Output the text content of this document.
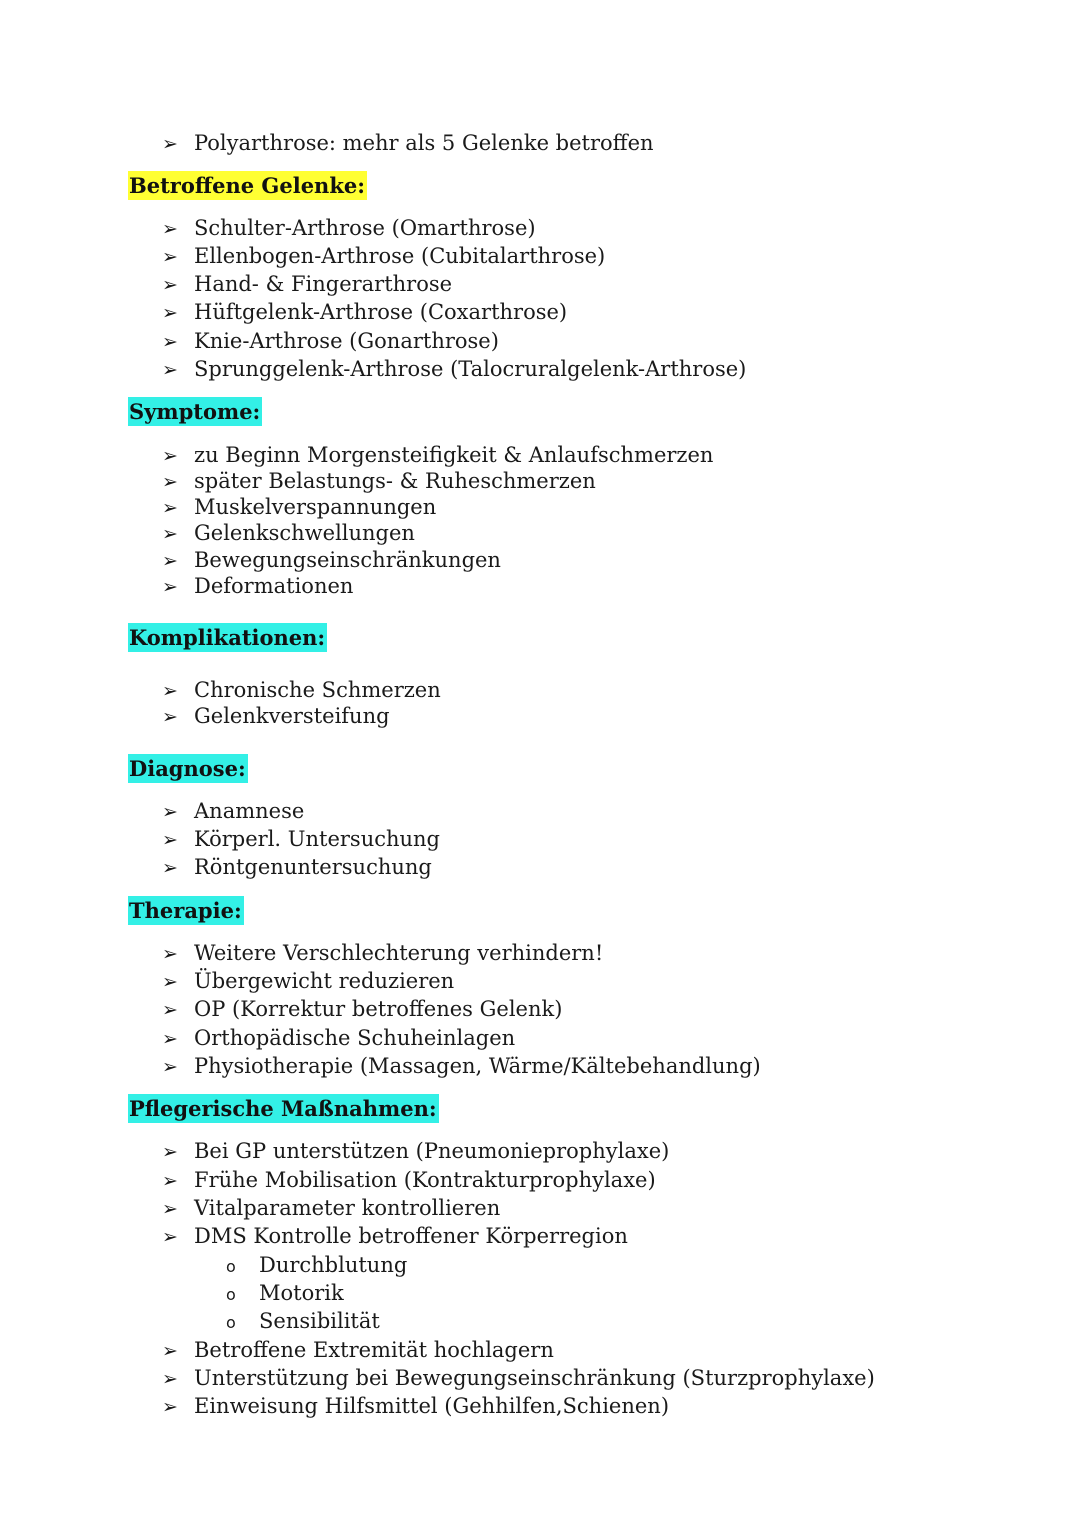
➢ Polyarthrose: mehr als 5 Gelenke betroffen
Betroffene Gelenke:
➢ Schulter-Arthrose (Omarthrose)
➢ Ellenbogen-Arthrose (Cubitalarthrose)
➢ Hand- & Fingerarthrose
➢ Hüftgelenk-Arthrose (Coxarthrose)
➢ Knie-Arthrose (Gonarthrose)
➢ Sprunggelenk-Arthrose (Talocruralgelenk-Arthrose)
Symptome:
➢ zu Beginn Morgensteifigkeit & Anlaufschmerzen
➢ später Belastungs- & Ruheschmerzen
➢ Muskelverspannungen
➢ Gelenkschwellungen
➢ Bewegungseinschränkungen
➢ Deformationen
Komplikationen:
➢ Chronische Schmerzen
➢ Gelenkversteifung
Diagnose:
➢ Anamnese
➢ Körperl. Untersuchung
➢ Röntgenuntersuchung
Therapie:
➢ Weitere Verschlechterung verhindern!
➢ Übergewicht reduzieren
➢ OP (Korrektur betroffenes Gelenk)
➢ Orthopädische Schuheinlagen
➢ Physiotherapie (Massagen, Wärme/Kältebehandlung)
Pflegerische Maßnahmen:
➢ Bei GP unterstützen (Pneumonieprophylaxe)
➢ Frühe Mobilisation (Kontrakturprophylaxe)
➢ Vitalparameter kontrollieren
➢ DMS Kontrolle betroffener Körperregion
o Durchblutung
o Motorik
o Sensibilität
➢ Betroffene Extremität hochlagern
➢ Unterstützung bei Bewegungseinschränkung (Sturzprophylaxe)
➢ Einweisung Hilfsmittel (Gehhilfen,Schienen)
